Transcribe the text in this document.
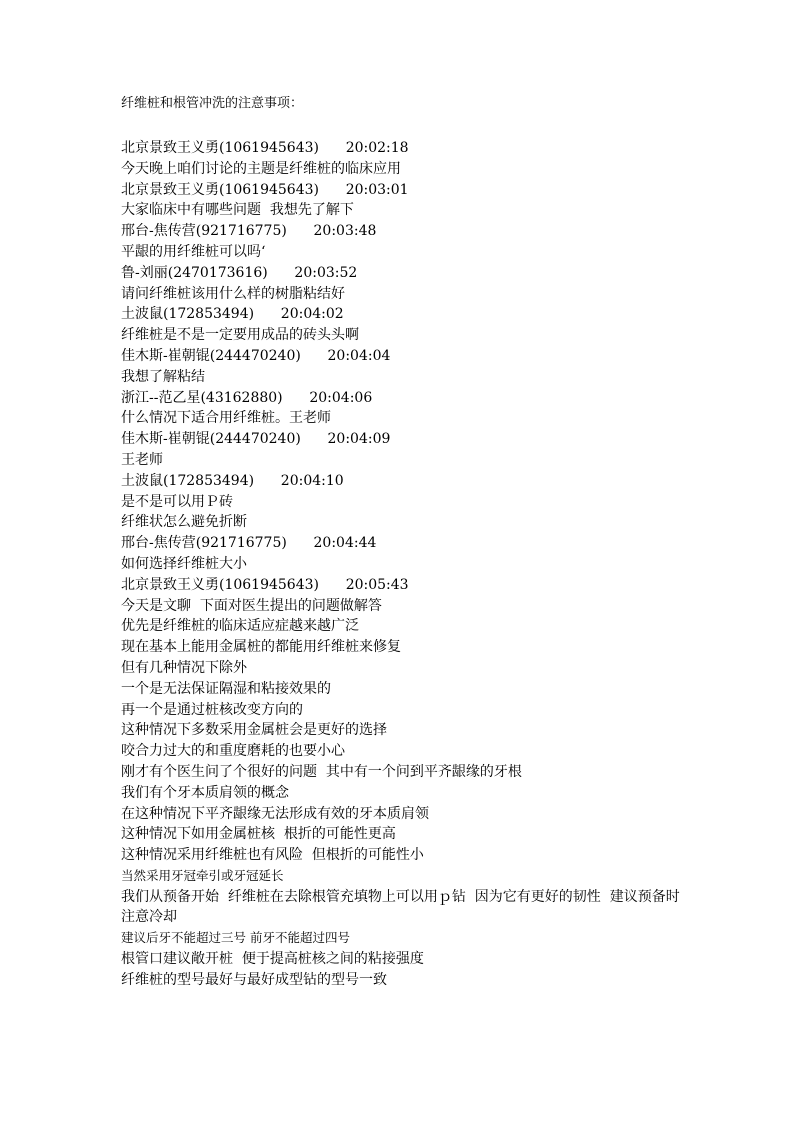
纤维桩和根管冲洗的注意事项：
北京景致王义勇(1061945643)      20:02:18
今天晚上咱们讨论的主题是纤维桩的临床应用
北京景致王义勇(1061945643)      20:03:01
大家临床中有哪些问题  我想先了解下
邢台-焦传营(921716775)      20:03:48
平龈的用纤维桩可以吗‘
鲁-刘丽(2470173616)      20:03:52
请问纤维桩该用什么样的树脂粘结好
土波鼠(172853494)      20:04:02
纤维桩是不是一定要用成品的砖头头啊
佳木斯-崔朝锟(244470240)      20:04:04
我想了解粘结
浙江--范乙星(43162880)      20:04:06
什么情况下适合用纤维桩。王老师
佳木斯-崔朝锟(244470240)      20:04:09
王老师
土波鼠(172853494)      20:04:10
是不是可以用Ｐ砖
纤维状怎么避免折断
邢台-焦传营(921716775)      20:04:44
如何选择纤维桩大小
北京景致王义勇(1061945643)      20:05:43
今天是文聊  下面对医生提出的问题做解答
优先是纤维桩的临床适应症越来越广泛
现在基本上能用金属桩的都能用纤维桩来修复
但有几种情况下除外
一个是无法保证隔湿和粘接效果的
再一个是通过桩核改变方向的
这种情况下多数采用金属桩会是更好的选择
咬合力过大的和重度磨耗的也要小心
刚才有个医生问了个很好的问题  其中有一个问到平齐龈缘的牙根
我们有个牙本质肩领的概念
在这种情况下平齐龈缘无法形成有效的牙本质肩领
这种情况下如用金属桩核  根折的可能性更高
这种情况采用纤维桩也有风险  但根折的可能性小
当然采用牙冠牵引或牙冠延长
我们从预备开始  纤维桩在去除根管充填物上可以用ｐ钻  因为它有更好的韧性  建议预备时注意冷却
建议后牙不能超过三号 前牙不能超过四号
根管口建议敞开桩  便于提高桩核之间的粘接强度
纤维桩的型号最好与最好成型钻的型号一致
